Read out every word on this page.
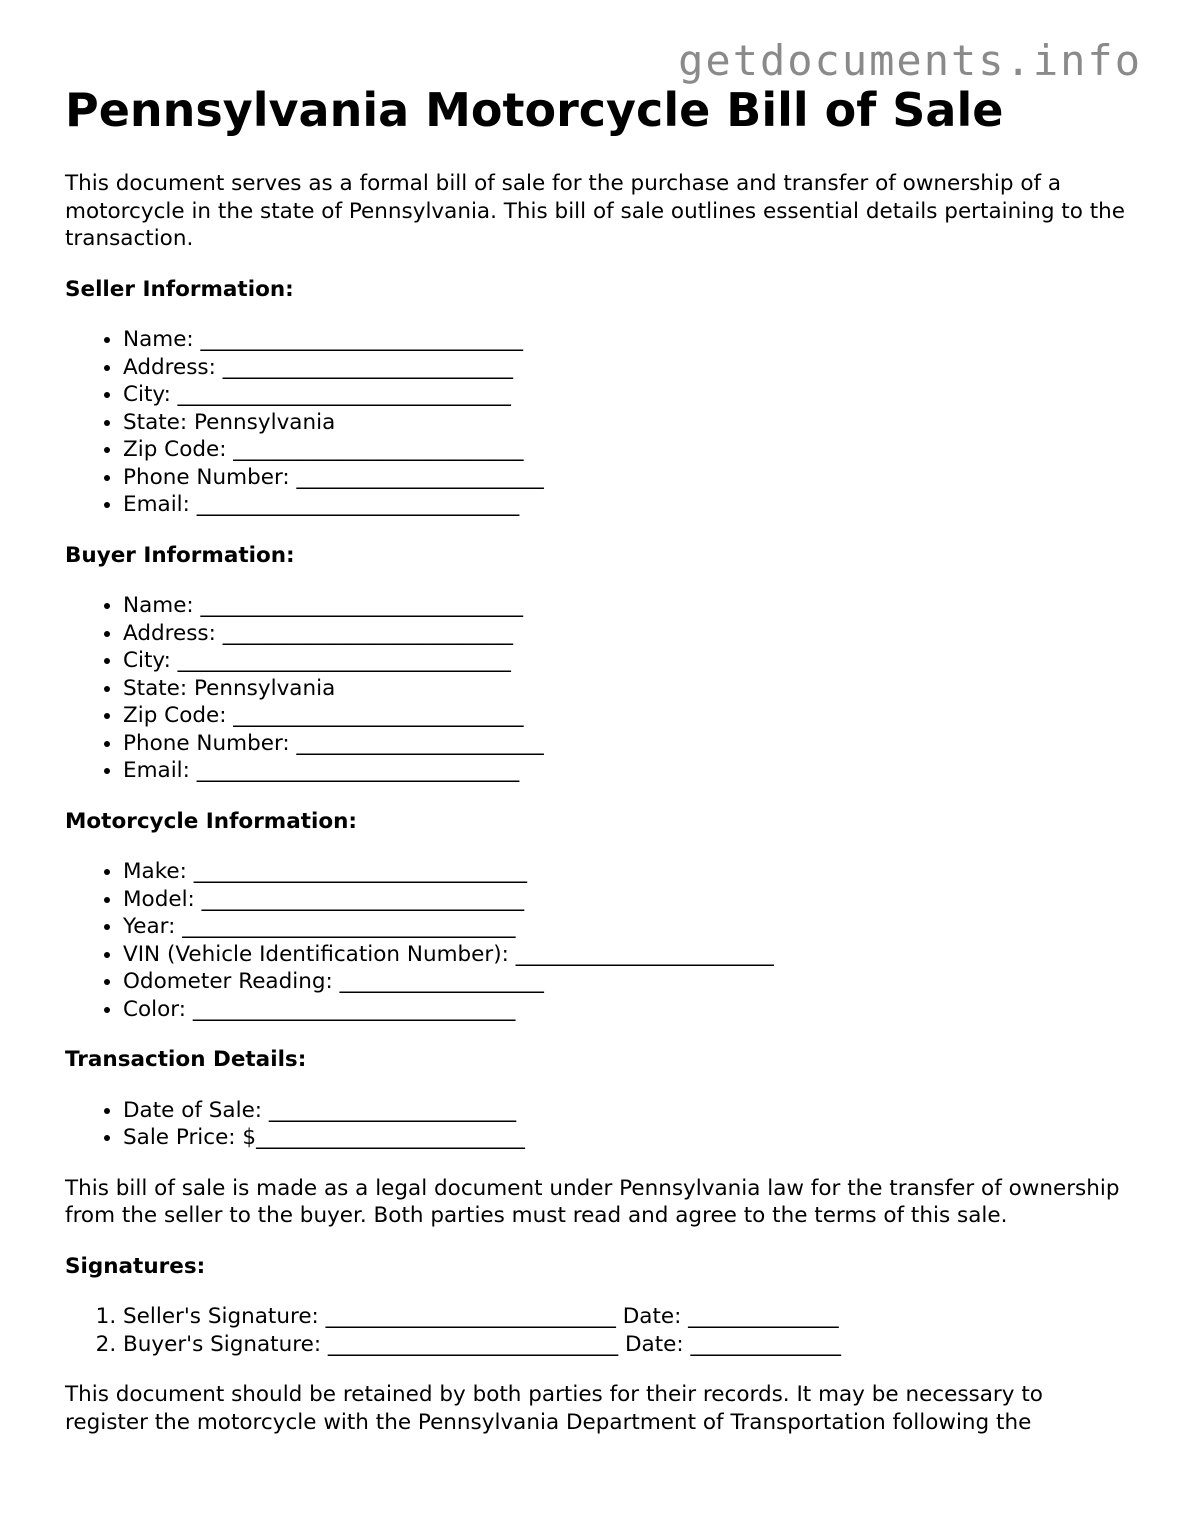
getdocuments.info
Pennsylvania Motorcycle Bill of Sale

This document serves as a formal bill of sale for the purchase and transfer of ownership of a motorcycle in the state of Pennsylvania. This bill of sale outlines essential details pertaining to the transaction.

Seller Information:
• Name: ______________________________
• Address: ___________________________
• City: _______________________________
• State: Pennsylvania
• Zip Code: ___________________________
• Phone Number: _______________________
• Email: ______________________________
Buyer Information:
• Name: ______________________________
• Address: ___________________________
• City: _______________________________
• State: Pennsylvania
• Zip Code: ___________________________
• Phone Number: _______________________
• Email: ______________________________
Motorcycle Information:
• Make: _______________________________
• Model: ______________________________
• Year: _______________________________
• VIN (Vehicle Identification Number): ________________________
• Odometer Reading: ___________________
• Color: ______________________________
Transaction Details:
• Date of Sale: _______________________
• Sale Price: $_________________________

This bill of sale is made as a legal document under Pennsylvania law for the transfer of ownership from the seller to the buyer. Both parties must read and agree to the terms of this sale.

Signatures:
1. Seller's Signature: ___________________________ Date: ______________
2. Buyer's Signature: ___________________________ Date: ______________

This document should be retained by both parties for their records. It may be necessary to register the motorcycle with the Pennsylvania Department of Transportation following the
